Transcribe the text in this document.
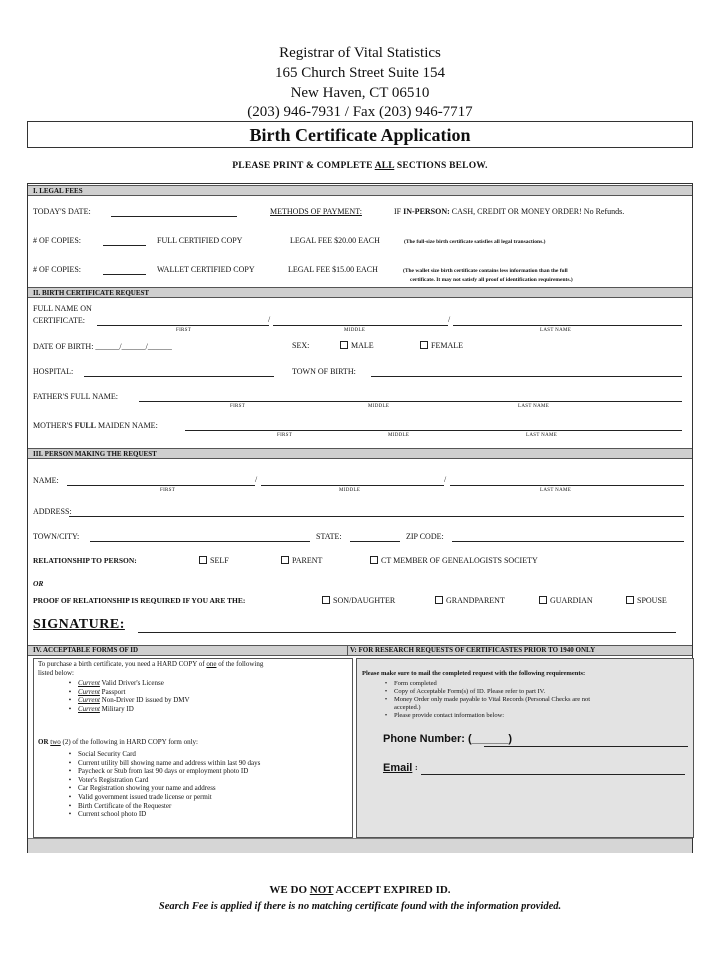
Registrar of Vital Statistics
165 Church Street Suite 154
New Haven, CT 06510
(203) 946-7931 / Fax (203) 946-7717
Birth Certificate Application
PLEASE PRINT & COMPLETE ALL SECTIONS BELOW.
I. LEGAL FEES
TODAY'S DATE:	METHODS OF PAYMENT:	IF IN-PERSON: CASH, CREDIT OR MONEY ORDER! No Refunds.
# OF COPIES:	FULL CERTIFIED COPY	LEGAL FEE $20.00 EACH	(The full-size birth certificate satisfies all legal transactions.)
# OF COPIES:	WALLET CERTIFIED COPY	LEGAL FEE $15.00 EACH	(The wallet size birth certificate contains less information than the full
certificate. It may not satisfy all proof of identification requirements.)
II. BIRTH CERTIFICATE REQUEST
FULL NAME ON
CERTIFICATE:	/	/
FIRST	MIDDLE	LAST NAME
DATE OF BIRTH: ______/______/______	SEX:	MALE	FEMALE
HOSPITAL:	TOWN OF BIRTH:
FATHER'S FULL NAME:
FIRST	MIDDLE	LAST NAME
MOTHER'S FULL MAIDEN NAME:
FIRST	MIDDLE	LAST NAME
III. PERSON MAKING THE REQUEST
NAME:	/	/
FIRST	MIDDLE	LAST NAME
ADDRESS:
TOWN/CITY:	STATE:	ZIP CODE:
RELATIONSHIP TO PERSON:	SELF	PARENT	CT MEMBER OF GENEALOGISTS SOCIETY
OR
PROOF OF RELATIONSHIP IS REQUIRED IF YOU ARE THE:	SON/DAUGHTER	GRANDPARENT	GUARDIAN	SPOUSE
SIGNATURE:
IV. ACCEPTABLE FORMS OF ID	V: FOR RESEARCH REQUESTS OF CERTIFICASTES PRIOR TO 1940 ONLY
To purchase a birth certificate, you need a HARD COPY of one of the following
listed below:
• Current Valid Driver's License
• Current Passport
• Current Non-Driver ID issued by DMV
• Current Military ID
OR two (2) of the following in HARD COPY form only:
• Social Security Card
• Current utility bill showing name and address within last 90 days
• Paycheck or Stub from last 90 days or employment photo ID
• Voter's Registration Card
• Car Registration showing your name and address
• Valid government issued trade license or permit
• Birth Certificate of the Requester
• Current school photo ID
Please make sure to mail the completed request with the following requirements:
• Form completed
• Copy of Acceptable Form(s) of ID. Please refer to part IV.
• Money Order only made payable to Vital Records (Personal Checks are not
accepted.)
• Please provide contact information below:
Phone Number: (______)
Email :
WE DO NOT ACCEPT EXPIRED ID.
Search Fee is applied if there is no matching certificate found with the information provided.
